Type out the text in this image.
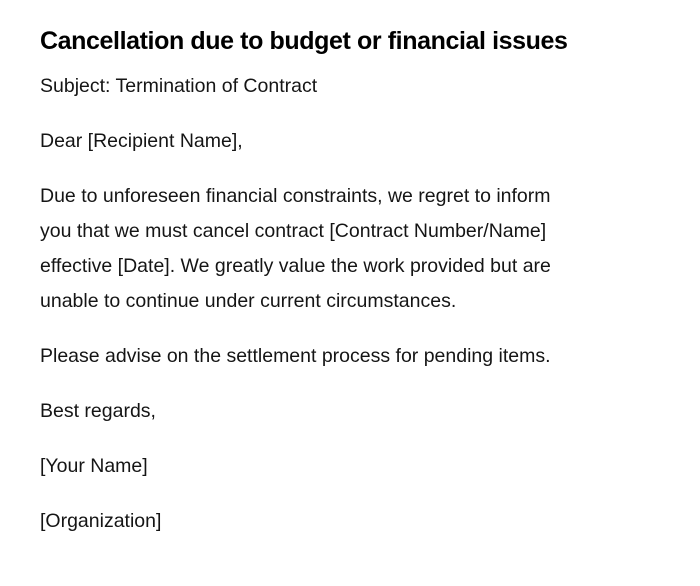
Cancellation due to budget or financial issues

Subject: Termination of Contract

Dear [Recipient Name],

Due to unforeseen financial constraints, we regret to inform
you that we must cancel contract [Contract Number/Name]
effective [Date]. We greatly value the work provided but are
unable to continue under current circumstances.

Please advise on the settlement process for pending items.

Best regards,

[Your Name]

[Organization]
